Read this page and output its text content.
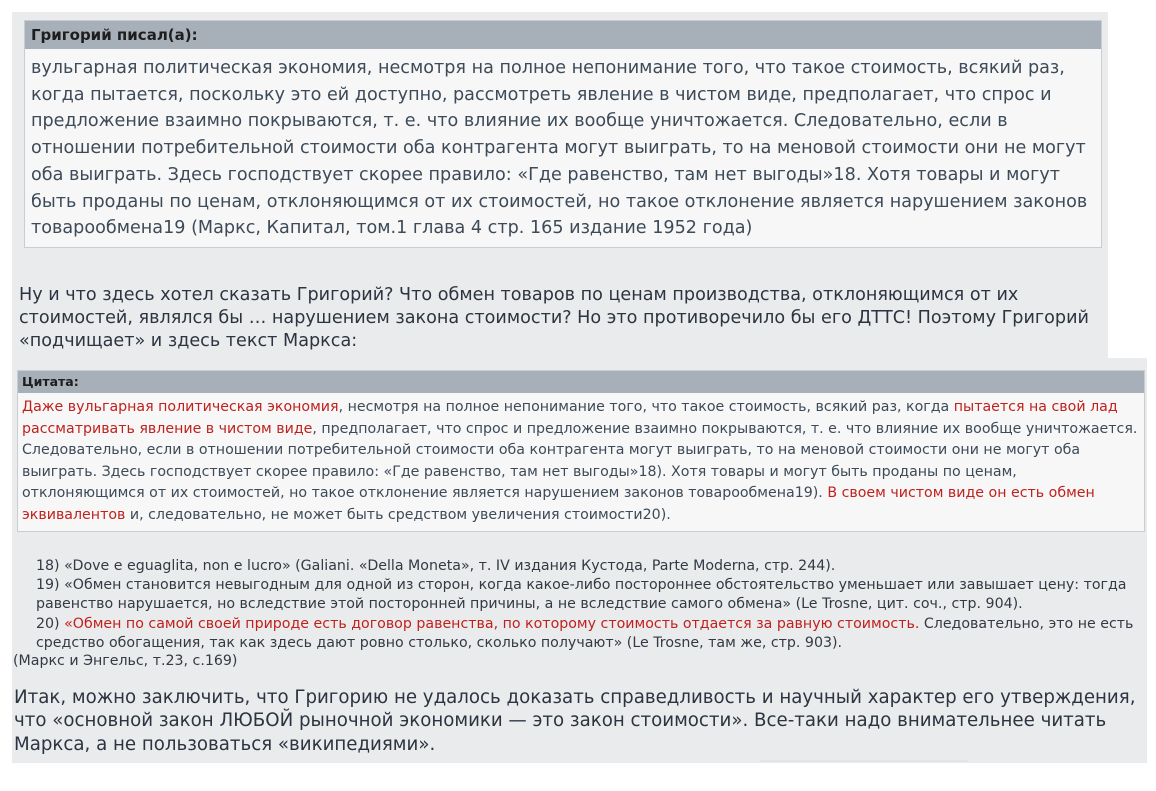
Григорий писал(а):
вульгарная политическая экономия, несмотря на полное непонимание того, что такое стоимость, всякий раз, когда пытается, поскольку это ей доступно, рассмотреть явление в чистом виде, предполагает, что спрос и предложение взаимно покрываются, т. е. что влияние их вообще уничтожается. Следовательно, если в отношении потребительной стоимости оба контрагента могут выиграть, то на меновой стоимости они не могут оба выиграть. Здесь господствует скорее правило: «Где равенство, там нет выгоды»18. Хотя товары и могут быть проданы по ценам, отклоняющимся от их стоимостей, но такое отклонение является нарушением законов товарообмена19 (Маркс, Капитал, том.1 глава 4 стр. 165 издание 1952 года)
Ну и что здесь хотел сказать Григорий? Что обмен товаров по ценам производства, отклоняющимся от их стоимостей, являлся бы … нарушением закона стоимости? Но это противоречило бы его ДТТС! Поэтому Григорий «подчищает» и здесь текст Маркса:
Цитата:
Даже вульгарная политическая экономия, несмотря на полное непонимание того, что такое стоимость, всякий раз, когда пытается на свой лад рассматривать явление в чистом виде, предполагает, что спрос и предложение взаимно покрываются, т. е. что влияние их вообще уничтожается. Следовательно, если в отношении потребительной стоимости оба контрагента могут выиграть, то на меновой стоимости они не могут оба выиграть. Здесь господствует скорее правило: «Где равенство, там нет выгоды»18). Хотя товары и могут быть проданы по ценам, отклоняющимся от их стоимостей, но такое отклонение является нарушением законов товарообмена19). В своем чистом виде он есть обмен эквивалентов и, следовательно, не может быть средством увеличения стоимости20).
18) «Dove e eguaglita, non e lucro» (Galiani. «Della Moneta», т. IV издания Кустода, Parte Moderna, стр. 244).
19) «Обмен становится невыгодным для одной из сторон, когда какое-либо постороннее обстоятельство уменьшает или завышает цену: тогда равенство нарушается, но вследствие этой посторонней причины, а не вследствие самого обмена» (Le Trosne, цит. соч., стр. 904).
20) «Обмен по самой своей природе есть договор равенства, по которому стоимость отдается за равную стоимость. Следовательно, это не есть средство обогащения, так как здесь дают ровно столько, сколько получают» (Le Trosne, там же, стр. 903).
(Маркс и Энгельс, т.23, с.169)
Итак, можно заключить, что Григорию не удалось доказать справедливость и научный характер его утверждения, что «основной закон ЛЮБОЙ рыночной экономики — это закон стоимости». Все-таки надо внимательнее читать Маркса, а не пользоваться «википедиями».
